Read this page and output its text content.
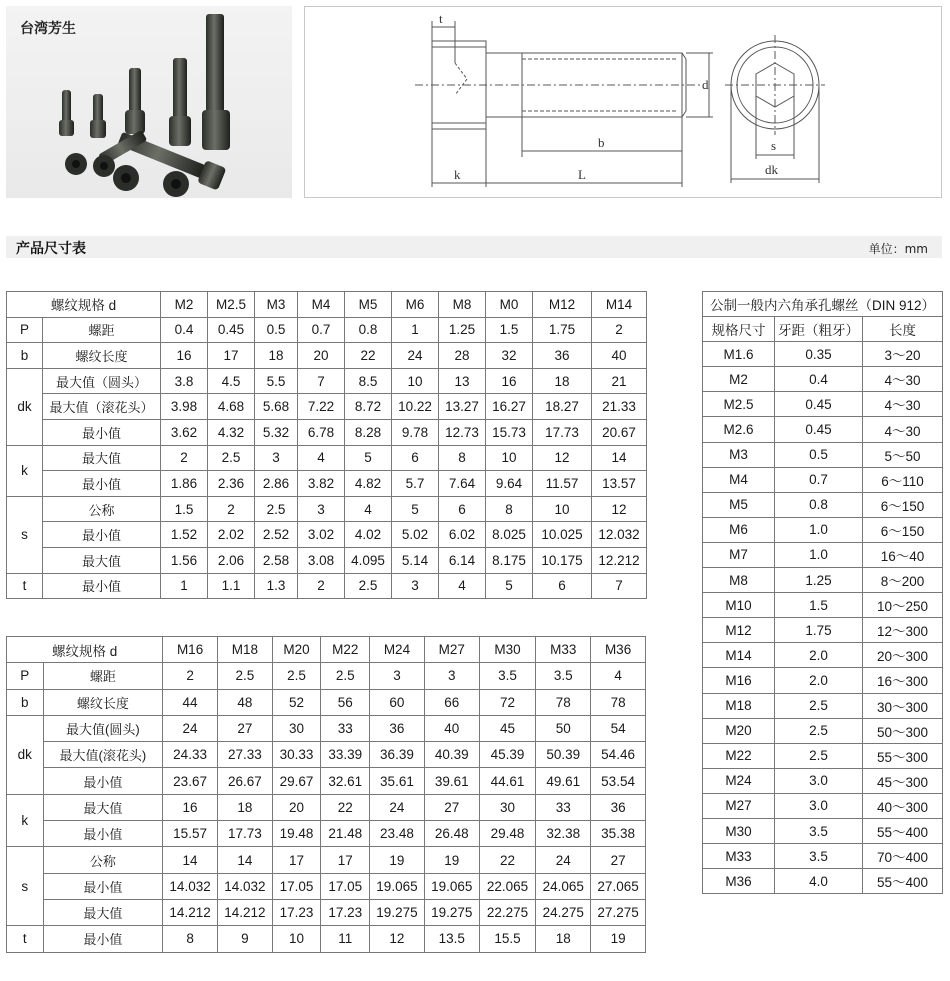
台湾芳生
t
d
b
k	L
s
dk
产品尺寸表	单位：mm
螺纹规格 d		M2	M2.5	M3	M4	M5	M6	M8	M0	M12	M14
P	螺距	0.4	0.45	0.5	0.7	0.8	1	1.25	1.5	1.75	2
b	螺纹长度	16	17	18	20	22	24	28	32	36	40
dk	最大值（圆头）	3.8	4.5	5.5	7	8.5	10	13	16	18	21
	最大值（滚花头）	3.98	4.68	5.68	7.22	8.72	10.22	13.27	16.27	18.27	21.33
	最小值	3.62	4.32	5.32	6.78	8.28	9.78	12.73	15.73	17.73	20.67
k	最大值	2	2.5	3	4	5	6	8	10	12	14
	最小值	1.86	2.36	2.86	3.82	4.82	5.7	7.64	9.64	11.57	13.57
s	公称	1.5	2	2.5	3	4	5	6	8	10	12
	最小值	1.52	2.02	2.52	3.02	4.02	5.02	6.02	8.025	10.025	12.032
	最大值	1.56	2.06	2.58	3.08	4.095	5.14	6.14	8.175	10.175	12.212
t	最小值	1	1.1	1.3	2	2.5	3	4	5	6	7
螺纹规格 d		M16	M18	M20	M22	M24	M27	M30	M33	M36
P	螺距	2	2.5	2.5	2.5	3	3	3.5	3.5	4
b	螺纹长度	44	48	52	56	60	66	72	78	78
dk	最大值(圆头)	24	27	30	33	36	40	45	50	54
	最大值(滚花头)	24.33	27.33	30.33	33.39	36.39	40.39	45.39	50.39	54.46
	最小值	23.67	26.67	29.67	32.61	35.61	39.61	44.61	49.61	53.54
k	最大值	16	18	20	22	24	27	30	33	36
	最小值	15.57	17.73	19.48	21.48	23.48	26.48	29.48	32.38	35.38
s	公称	14	14	17	17	19	19	22	24	27
	最小值	14.032	14.032	17.05	17.05	19.065	19.065	22.065	24.065	27.065
	最大值	14.212	14.212	17.23	17.23	19.275	19.275	22.275	24.275	27.275
t	最小值	8	9	10	11	12	13.5	15.5	18	19
公制一般内六角承孔螺丝（DIN 912）		
规格尺寸	牙距（粗牙）	长度
M1.6	0.35	3～20
M2	0.4	4～30
M2.5	0.45	4～30
M2.6	0.45	4～30
M3	0.5	5～50
M4	0.7	6～110
M5	0.8	6～150
M6	1.0	6～150
M7	1.0	16～40
M8	1.25	8～200
M10	1.5	10～250
M12	1.75	12～300
M14	2.0	20～300
M16	2.0	16～300
M18	2.5	30～300
M20	2.5	50～300
M22	2.5	55～300
M24	3.0	45～300
M27	3.0	40～300
M30	3.5	55～400
M33	3.5	70～400
M36	4.0	55～400
